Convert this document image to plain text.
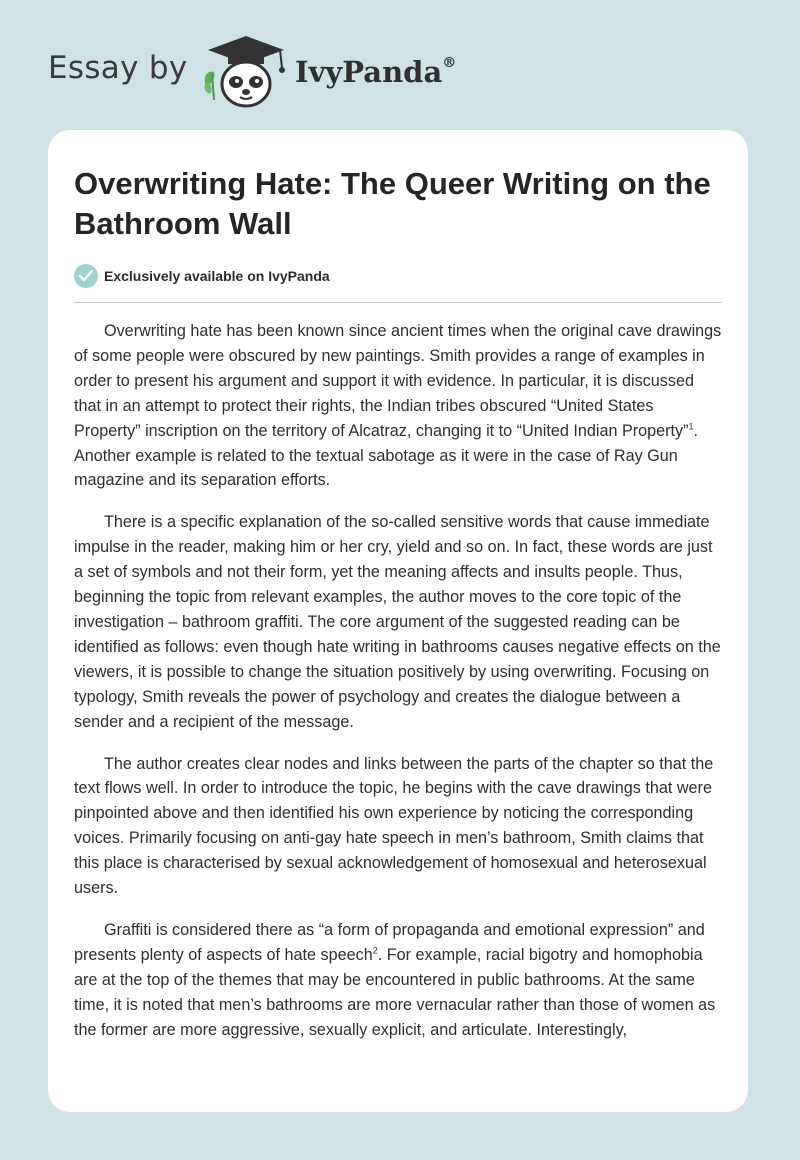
Essay by	IvyPanda®
Overwriting Hate: The Queer Writing on the Bathroom Wall
Exclusively available on IvyPanda

Overwriting hate has been known since ancient times when the original cave drawings of some people were obscured by new paintings. Smith provides a range of examples in order to present his argument and support it with evidence. In particular, it is discussed that in an attempt to protect their rights, the Indian tribes obscured “United States Property” inscription on the territory of Alcatraz, changing it to “United Indian Property”$^1$. Another example is related to the textual sabotage as it were in the case of Ray Gun magazine and its separation efforts.

There is a specific explanation of the so-called sensitive words that cause immediate impulse in the reader, making him or her cry, yield and so on. In fact, these words are just a set of symbols and not their form, yet the meaning affects and insults people. Thus, beginning the topic from relevant examples, the author moves to the core topic of the investigation – bathroom graffiti. The core argument of the suggested reading can be identified as follows: even though hate writing in bathrooms causes negative effects on the viewers, it is possible to change the situation positively by using overwriting. Focusing on typology, Smith reveals the power of psychology and creates the dialogue between a sender and a recipient of the message.

The author creates clear nodes and links between the parts of the chapter so that the text flows well. In order to introduce the topic, he begins with the cave drawings that were pinpointed above and then identified his own experience by noticing the corresponding voices. Primarily focusing on anti-gay hate speech in men’s bathroom, Smith claims that this place is characterised by sexual acknowledgement of homosexual and heterosexual users.

Graffiti is considered there as “a form of propaganda and emotional expression” and presents plenty of aspects of hate speech$^2$. For example, racial bigotry and homophobia are at the top of the themes that may be encountered in public bathrooms. At the same time, it is noted that men’s bathrooms are more vernacular rather than those of women as the former are more aggressive, sexually explicit, and articulate. Interestingly,
